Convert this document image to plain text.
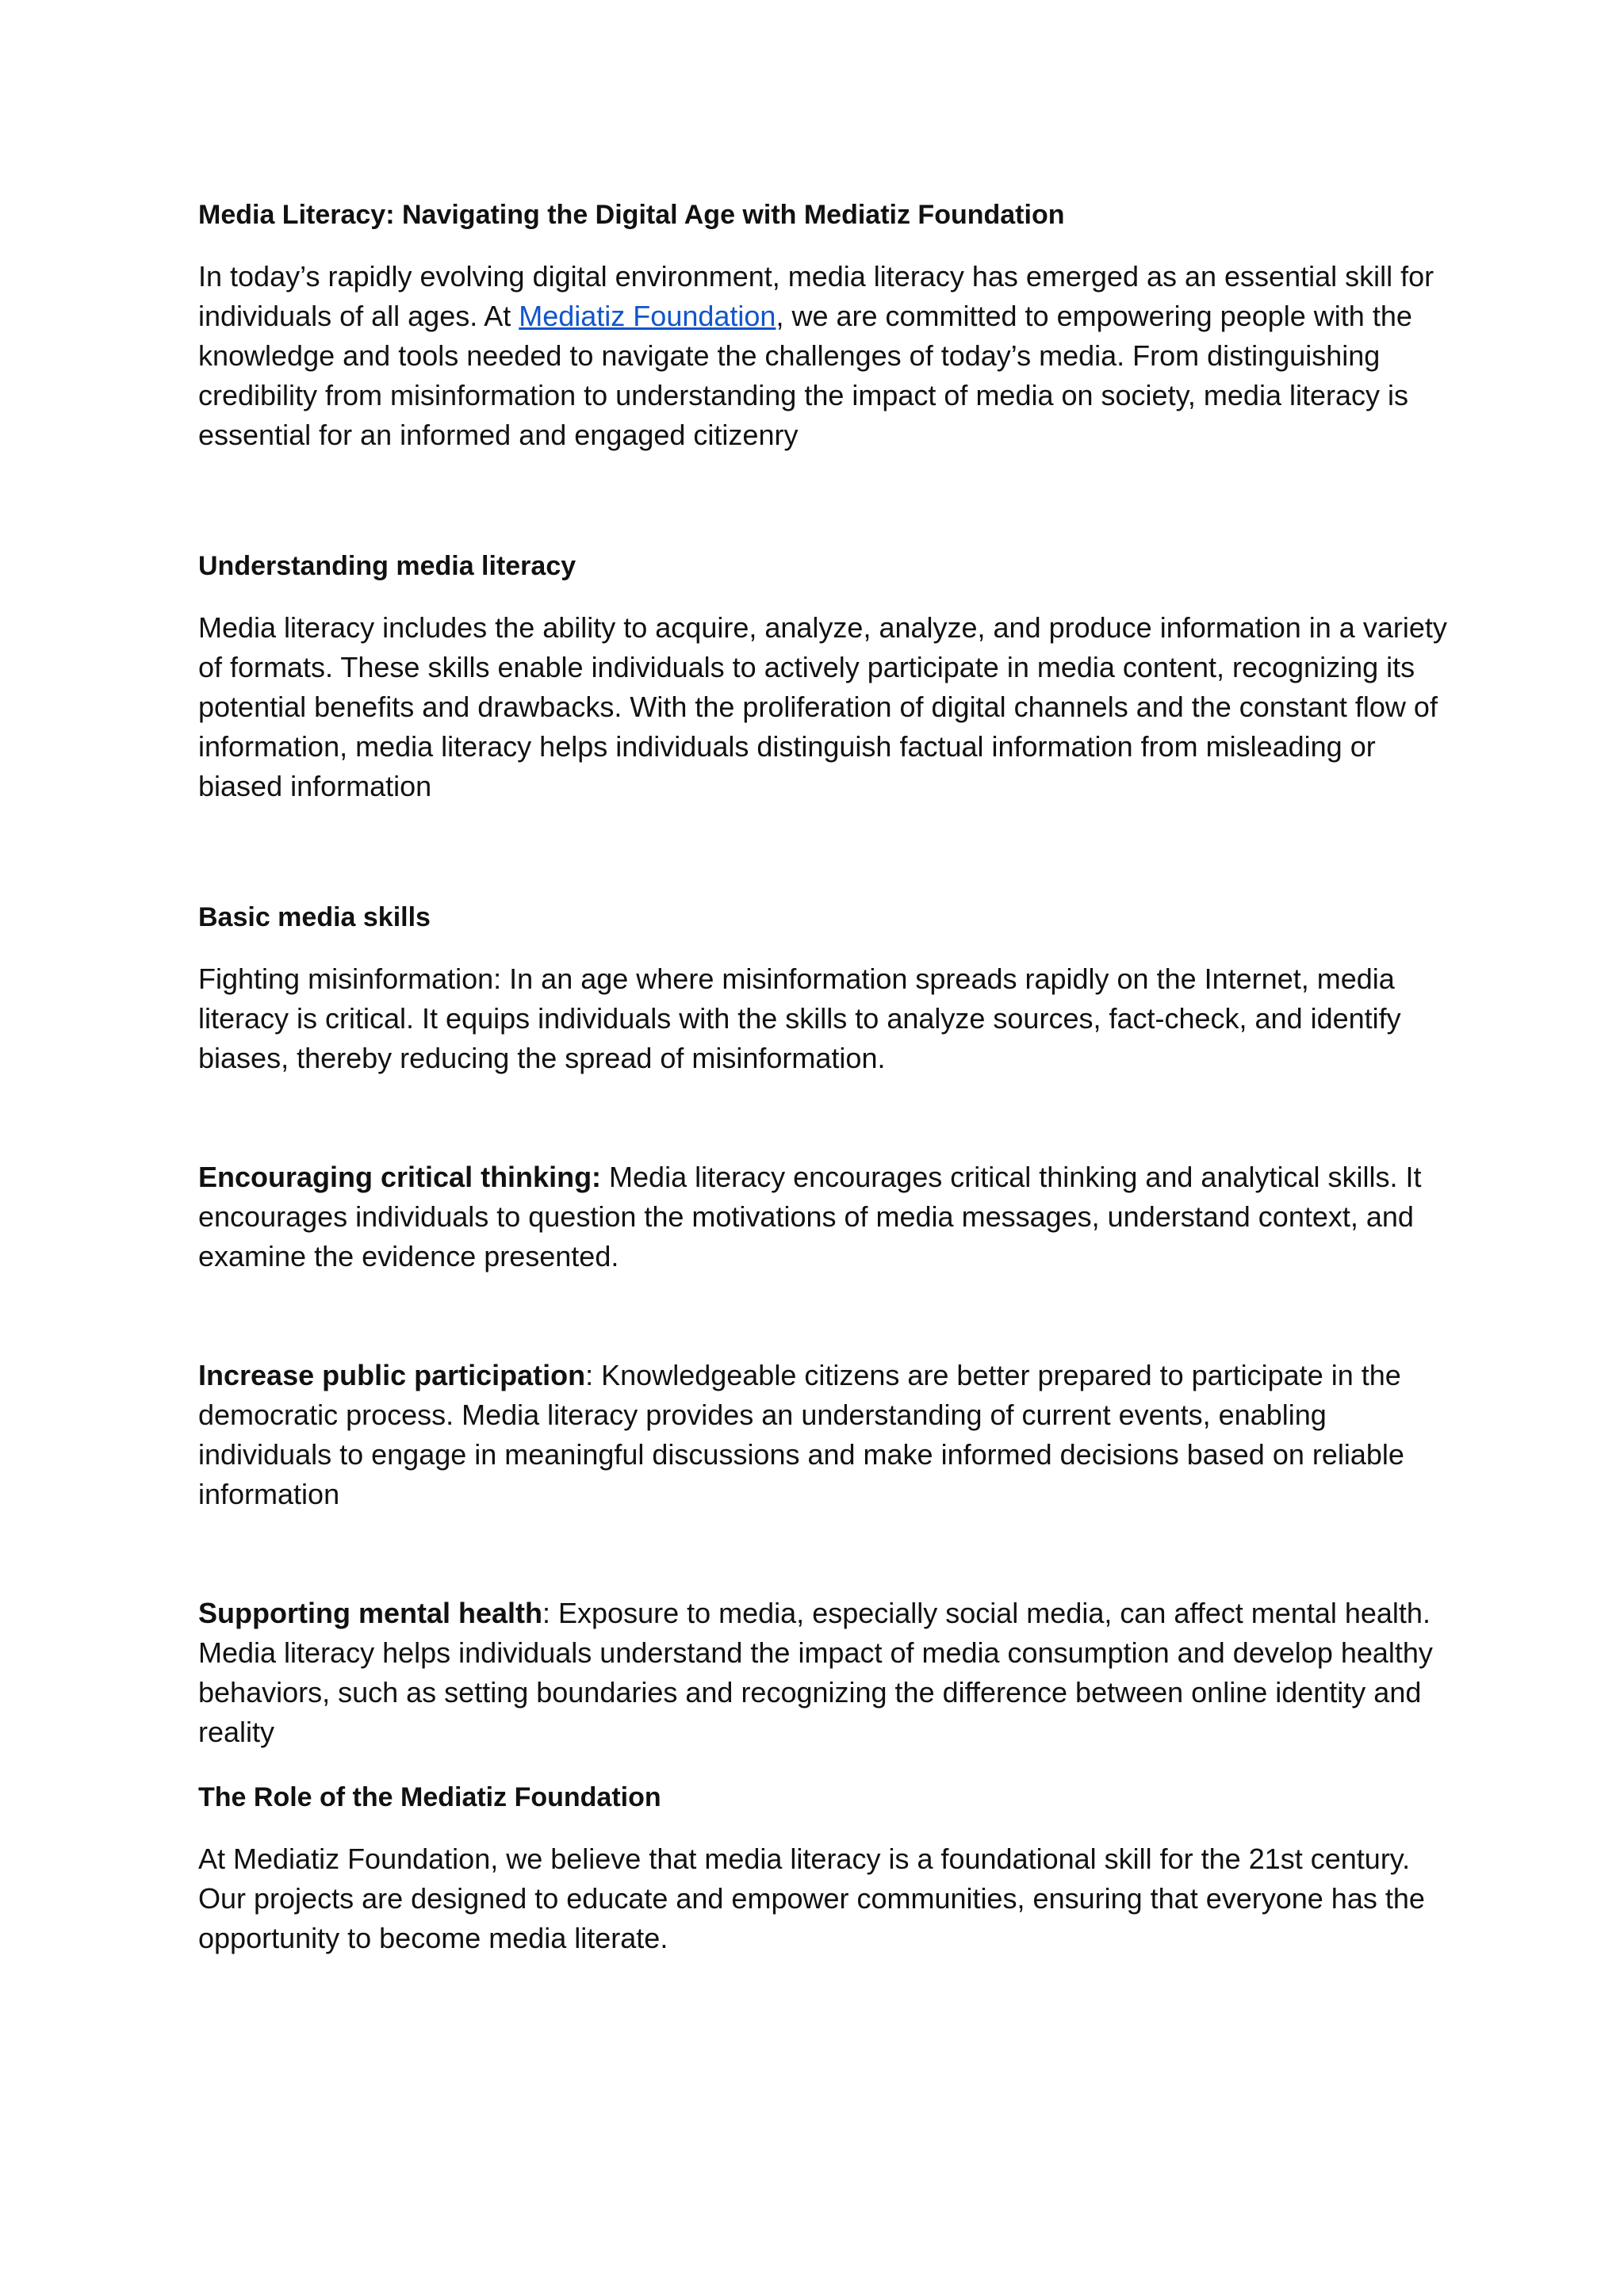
Media Literacy: Navigating the Digital Age with Mediatiz Foundation

In today’s rapidly evolving digital environment, media literacy has emerged as an essential skill for individuals of all ages. At Mediatiz Foundation, we are committed to empowering people with the knowledge and tools needed to navigate the challenges of today’s media. From distinguishing credibility from misinformation to understanding the impact of media on society, media literacy is essential for an informed and engaged citizenry

Understanding media literacy

Media literacy includes the ability to acquire, analyze, analyze, and produce information in a variety of formats. These skills enable individuals to actively participate in media content, recognizing its potential benefits and drawbacks. With the proliferation of digital channels and the constant flow of information, media literacy helps individuals distinguish factual information from misleading or biased information

Basic media skills

Fighting misinformation: In an age where misinformation spreads rapidly on the Internet, media literacy is critical. It equips individuals with the skills to analyze sources, fact-check, and identify biases, thereby reducing the spread of misinformation.

Encouraging critical thinking: Media literacy encourages critical thinking and analytical skills. It encourages individuals to question the motivations of media messages, understand context, and examine the evidence presented.

Increase public participation: Knowledgeable citizens are better prepared to participate in the democratic process. Media literacy provides an understanding of current events, enabling individuals to engage in meaningful discussions and make informed decisions based on reliable information

Supporting mental health: Exposure to media, especially social media, can affect mental health. Media literacy helps individuals understand the impact of media consumption and develop healthy behaviors, such as setting boundaries and recognizing the difference between online identity and reality

The Role of the Mediatiz Foundation

At Mediatiz Foundation, we believe that media literacy is a foundational skill for the 21st century. Our projects are designed to educate and empower communities, ensuring that everyone has the opportunity to become media literate.
